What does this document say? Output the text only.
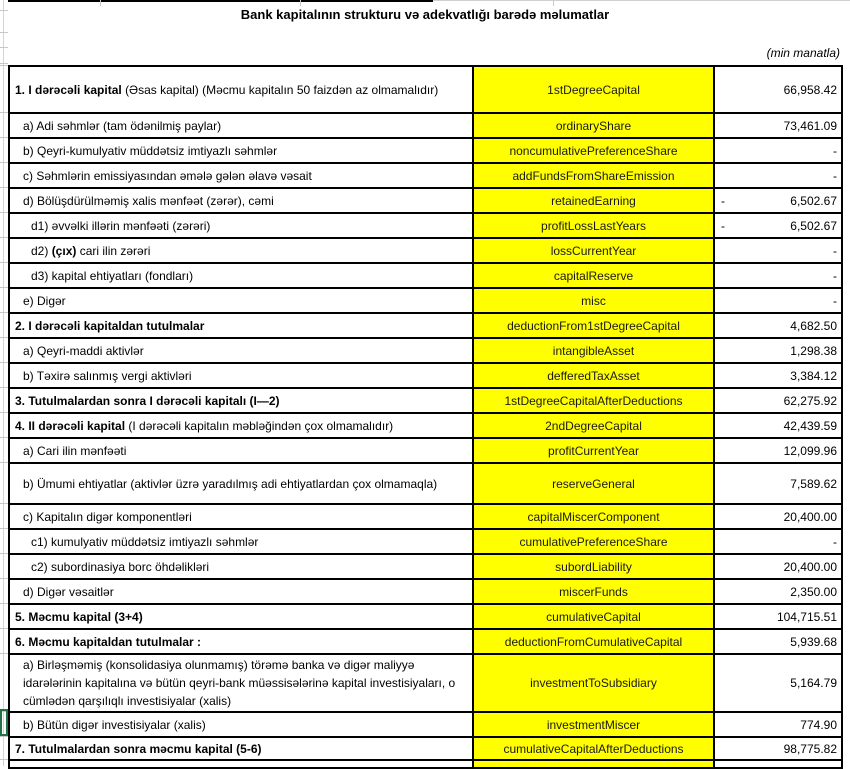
Bank kapitalının strukturu və adekvatlığı barədə məlumatlar
(min manatla)
1. I dərəcəli kapital (Əsas kapital) (Məcmu kapitalın 50 faizdən az olmamalıdır)	1stDegreeCapital	66,958.42

a) Adi səhmlər (tam ödənilmiş paylar)	ordinaryShare	73,461.09

b) Qeyri-kumulyativ müddətsiz imtiyazlı səhmlər	noncumulativePreferenceShare	-

c) Səhmlərin emissiyasından əmələ gələn əlavə vəsait	addFundsFromShareEmission	-

d) Bölüşdürülməmiş xalis mənfəət (zərər), cəmi	retainedEarning	- 6,502.67

d1) əvvəlki illərin mənfəəti (zərəri)	profitLossLastYears	- 6,502.67

d2) (çıx) cari ilin zərəri	lossCurrentYear	-

d3) kapital ehtiyatları (fondları)	capitalReserve	-

e) Digər	misc	-

2. I dərəcəli kapitaldan tutulmalar	deductionFrom1stDegreeCapital	4,682.50

a) Qeyri-maddi aktivlər	intangibleAsset	1,298.38

b) Təxirə salınmış vergi aktivləri	defferedTaxAsset	3,384.12

3. Tutulmalardan sonra I dərəcəli kapitalı (I—2)	1stDegreeCapitalAfterDeductions	62,275.92

4. II dərəcəli kapital (I dərəcəli kapitalın məbləğindən çox olmamalıdır)	2ndDegreeCapital	42,439.59

a) Cari ilin mənfəəti	profitCurrentYear	12,099.96

b) Ümumi ehtiyatlar (aktivlər üzrə yaradılmış adi ehtiyatlardan çox olmamaqla)	reserveGeneral	7,589.62

c) Kapitalın digər komponentləri	capitalMiscerComponent	20,400.00

c1) kumulyativ müddətsiz imtiyazlı səhmlər	cumulativePreferenceShare	-

c2) subordinasiya borc öhdəlikləri	subordLiability	20,400.00

d) Digər vəsaitlər	miscerFunds	2,350.00

5. Məcmu kapital (3+4)	cumulativeCapital	104,715.51

6. Məcmu kapitaldan tutulmalar :	deductionFromCumulativeCapital	5,939.68

a) Birləşməmiş (konsolidasiya olunmamış) törəmə banka və digər maliyyə idarələrinin kapitalına və bütün qeyri-bank müəssisələrinə kapital investisiyaları, o cümlədən qarşılıqlı investisiyalar (xalis)	investmentToSubsidiary	5,164.79

b) Bütün digər investisiyalar (xalis)	investmentMiscer	774.90

7. Tutulmalardan sonra məcmu kapital (5-6)	cumulativeCapitalAfterDeductions	98,775.82
